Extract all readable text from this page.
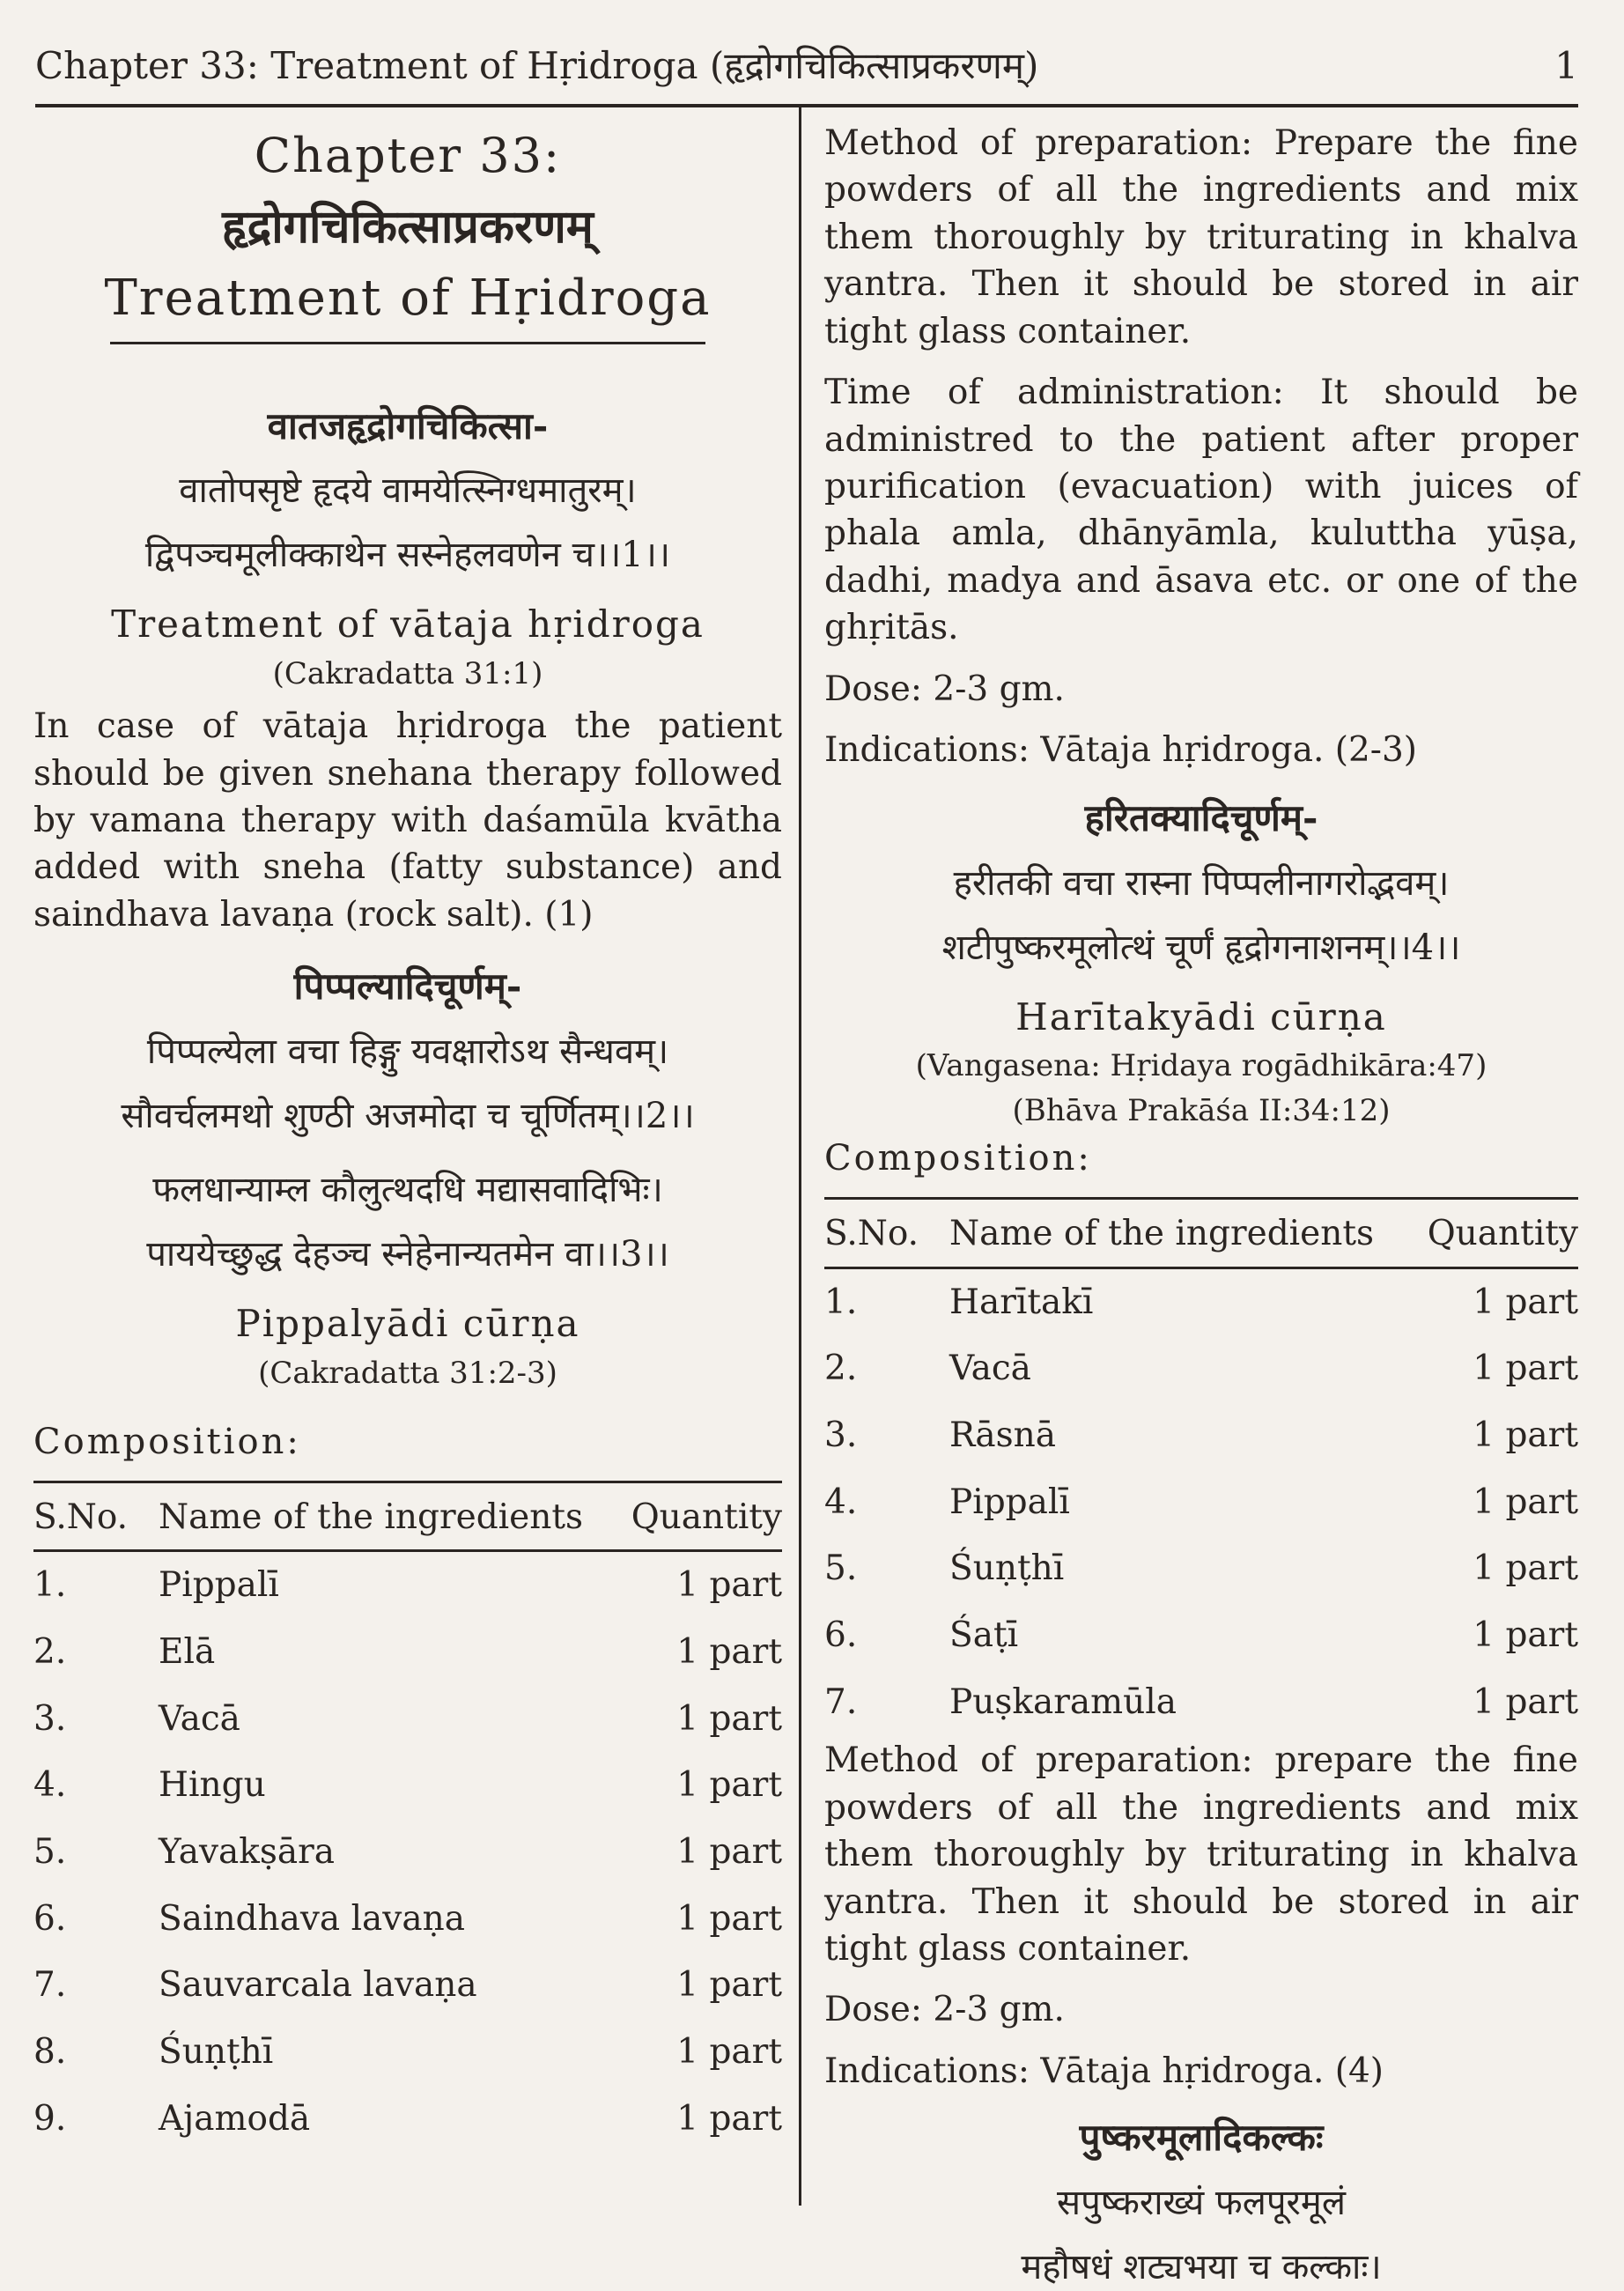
Chapter 33: Treatment of Hṛidroga (हृद्रोगचिकित्साप्रकरणम्)	1
Chapter 33:
हृद्रोगचिकित्साप्रकरणम्
Treatment of Hṛidroga
वातजहृद्रोगचिकित्सा-
वातोपसृष्टे हृदये वामयेत्स्निग्धमातुरम्।
द्विपञ्चमूलीक्काथेन सस्नेहलवणेन च।।1।।
Treatment of vātaja hṛidroga
(Cakradatta 31:1)
In case of vātaja hṛidroga the patient should be given snehana therapy followed by vamana therapy with daśamūla kvātha added with sneha (fatty substance) and saindhava lavaṇa (rock salt). (1)
पिप्पल्यादिचूर्णम्-
पिप्पल्येला वचा हिङ्गु यवक्षारोऽथ सैन्धवम्।
सौवर्चलमथो शुण्ठी अजमोदा च चूर्णितम्।।2।।
फलधान्याम्ल कौलुत्थदधि मद्यासवादिभिः।
पाययेच्छुद्ध देहञ्च स्नेहेनान्यतमेन वा।।3।।
Pippalyādi cūrṇa
(Cakradatta 31:2-3)
Composition:
S.No.	Name of the ingredients	Quantity
1.	Pippalī	1 part
2.	Elā	1 part
3.	Vacā	1 part
4.	Hingu	1 part
5.	Yavakṣāra	1 part
6.	Saindhava lavaṇa	1 part
7.	Sauvarcala lavaṇa	1 part
8.	Śuṇṭhī	1 part
9.	Ajamodā	1 part
Method of preparation: Prepare the fine powders of all the ingredients and mix them thoroughly by triturating in khalva yantra. Then it should be stored in air tight glass container.
Time of administration: It should be administred to the patient after proper purification (evacuation) with juices of phala amla, dhānyāmla, kuluttha yūṣa, dadhi, madya and āsava etc. or one of the ghṛitās.
Dose: 2-3 gm.
Indications: Vātaja hṛidroga. (2-3)
हरितक्यादिचूर्णम्-
हरीतकी वचा रास्ना पिप्पलीनागरोद्भवम्।
शटीपुष्करमूलोत्थं चूर्णं हृद्रोगनाशनम्।।4।।
Harītakyādi cūrṇa
(Vangasena: Hṛidaya rogādhikāra:47)
(Bhāva Prakāśa II:34:12)
Composition:
S.No.	Name of the ingredients	Quantity
1.	Harītakī	1 part
2.	Vacā	1 part
3.	Rāsnā	1 part
4.	Pippalī	1 part
5.	Śuṇṭhī	1 part
6.	Śaṭī	1 part
7.	Puṣkaramūla	1 part
Method of preparation: prepare the fine powders of all the ingredients and mix them thoroughly by triturating in khalva yantra. Then it should be stored in air tight glass container.
Dose: 2-3 gm.
Indications: Vātaja hṛidroga. (4)
पुष्करमूलादिकल्कः
सपुष्कराख्यं फलपूरमूलं
महौषधं शट्यभया च कल्काः।
